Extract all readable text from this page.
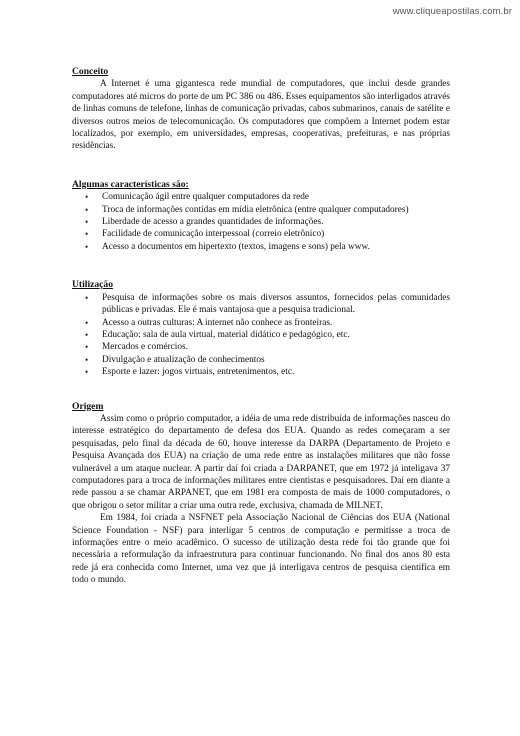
www.cliqueapostilas.com.br
Conceito

A Internet é uma gigantesca rede mundial de computadores, que inclui desde grandes computadores até micros do porte de um PC 386 ou 486. Esses equipamentos são interligados através de linhas comuns de telefone, linhas de comunicação privadas, cabos submarinos, canais de satélite e diversos outros meios de telecomunicação. Os computadores que compõem a Internet podem estar localizados, por exemplo, em universidades, empresas, cooperativas, prefeituras, e nas próprias residências.

Algumas características são:
• Comunicação ágil entre qualquer computadores da rede
• Troca de informações contidas em mídia eletrônica (entre qualquer computadores)
• Liberdade de acesso a grandes quantidades de informações.
• Facilidade de comunicação interpessoal (correio eletrônico)
• Acesso a documentos em hipertexto (textos, imagens e sons) pela www.
Utilização
• Pesquisa de informações sobre os mais diversos assuntos, fornecidos pelas comunidades públicas e privadas. Ele é mais vantajosa que a pesquisa tradicional.
• Acesso a outras culturas: A internet não conhece as fronteiras.
• Educação: sala de aula virtual, material didático e pedagógico, etc.
• Mercados e comércios.
• Divulgação e atualização de conhecimentos
• Esporte e lazer: jogos virtuais, entretenimentos, etc.
Origem

Assim como o próprio computador, a idéia de uma rede distribuída de informações nasceu do interesse estratégico do departamento de defesa dos EUA. Quando as redes começaram a ser pesquisadas, pelo final da década de 60, houve interesse da DARPA (Departamento de Projeto e Pesquisa Avançada dos EUA) na criação de uma rede entre as instalações militares que não fosse vulnerável a um ataque nuclear. A partir daí foi criada a DARPANET, que em 1972 já inteligava 37 computadores para a troca de informações militares entre cientistas e pesquisadores. Daí em diante a rede passou a se chamar ARPANET, que em 1981 era composta de mais de 1000 computadores, o que obrigou o setor militar a criar uma outra rede, exclusiva, chamada de MILNET.

Em 1984, foi criada a NSFNET pela Associação Nacional de Ciências dos EUA (National Science Foundation - NSF) para interligar 5 centros de computação e permitisse a troca de informações entre o meio acadêmico. O sucesso de utilização desta rede foi tão grande que foi necessária a reformulação da infraestrutura para continuar funcionando. No final dos anos 80 esta rede já era conhecida como Internet, uma vez que já interligava centros de pesquisa científica em todo o mundo.
